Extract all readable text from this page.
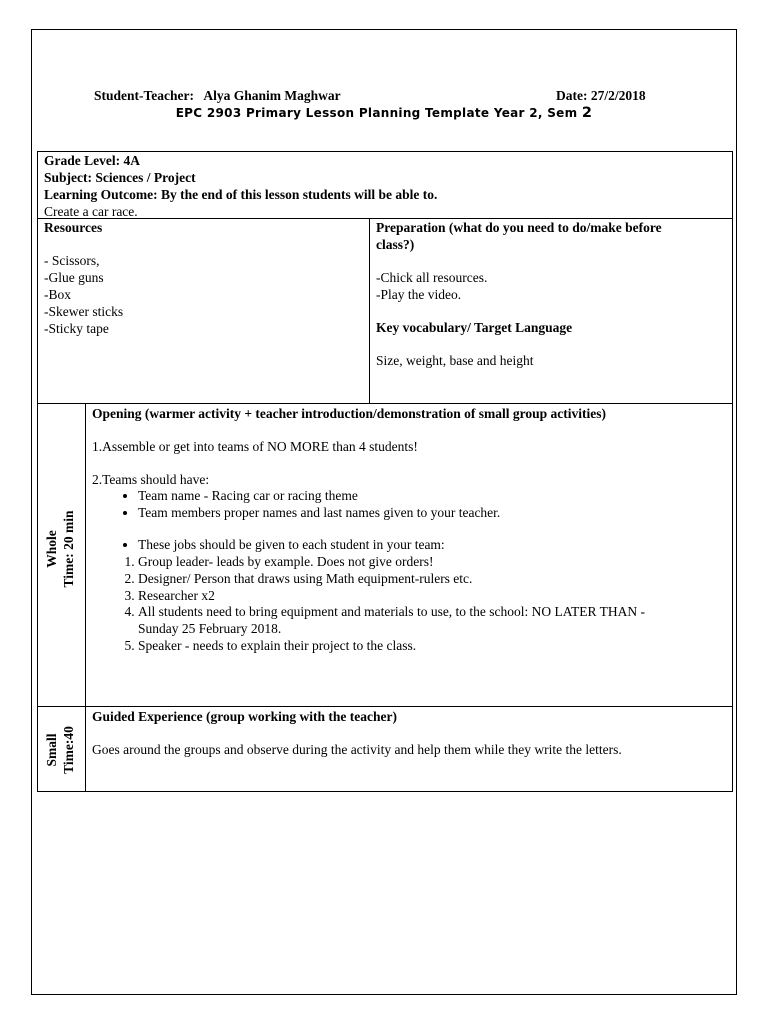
Student-Teacher: Alya Ghanim Maghwar	Date: 27/2/2018
EPC 2903 Primary Lesson Planning Template Year 2, Sem 2
Grade Level: 4A
Subject: Sciences / Project
Learning Outcome: By the end of this lesson students will be able to.
Create a car race.
Resources
- Scissors,
-Glue guns
-Box
-Skewer sticks
-Sticky tape
Preparation (what do you need to do/make before
class?)
-Chick all resources.
-Play the video.
Key vocabulary/ Target Language
Size, weight, base and height
Whole Time: 20 min
Opening (warmer activity + teacher introduction/demonstration of small group activities)
1.Assemble or get into teams of NO MORE than 4 students!
2.Teams should have:
• Team name - Racing car or racing theme
• Team members proper names and last names given to your teacher.
• These jobs should be given to each student in your team:
1. Group leader- leads by example. Does not give orders!
2. Designer/ Person that draws using Math equipment-rulers etc.
3. Researcher x2
4. All students need to bring equipment and materials to use, to the school: NO LATER THAN -
Sunday 25 February 2018.
5. Speaker - needs to explain their project to the class.
Small Time:40
Guided Experience (group working with the teacher)
Goes around the groups and observe during the activity and help them while they write the letters.
